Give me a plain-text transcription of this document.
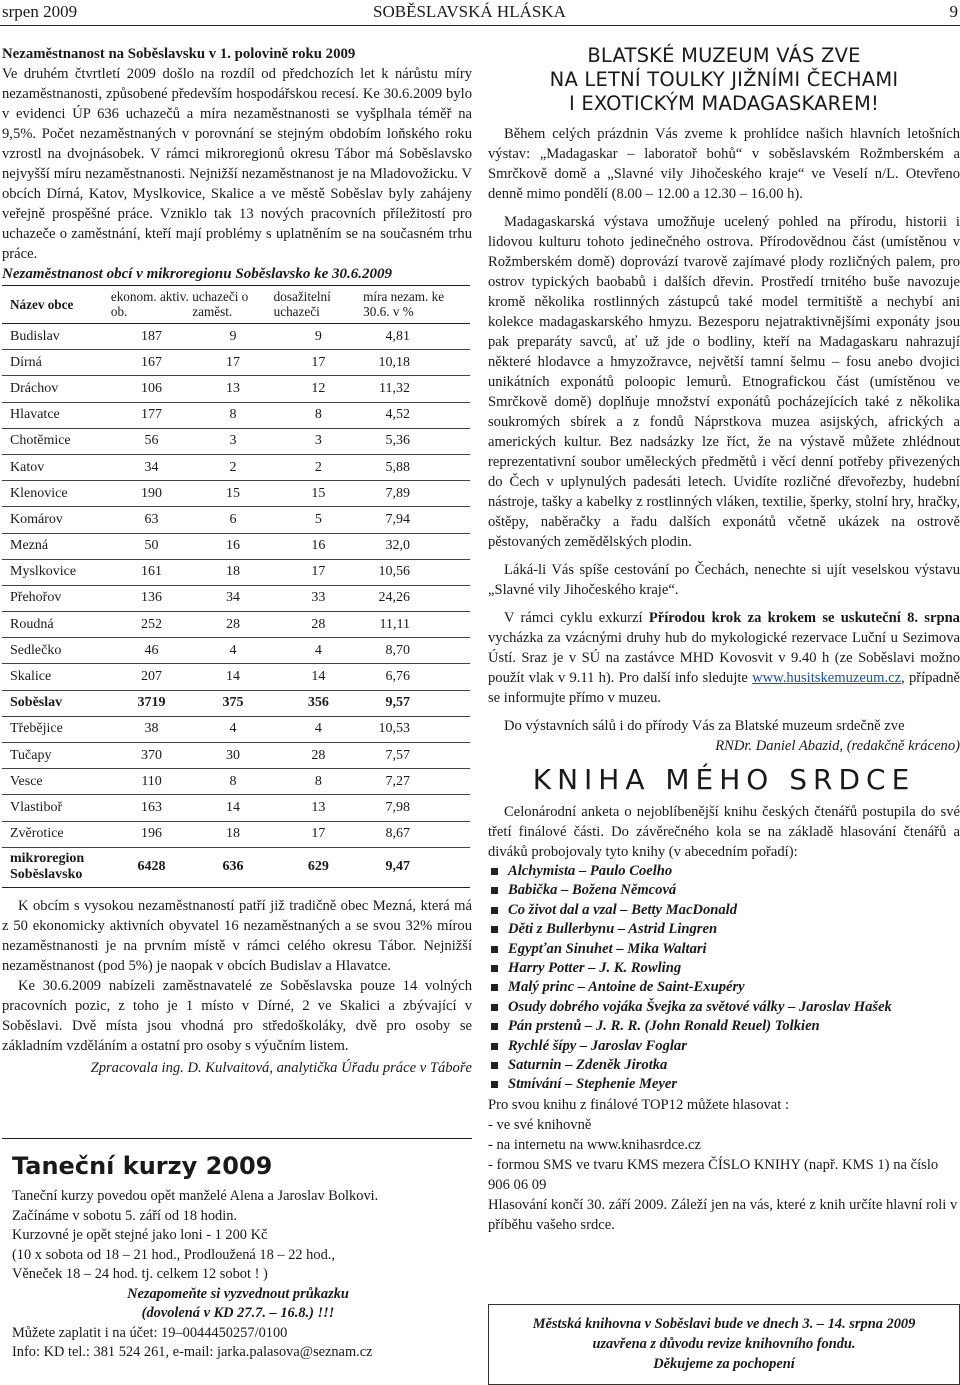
srpen 2009	SOBĚSLAVSKÁ HLÁSKA	9
Nezaměstnanost na Soběslavsku v 1. polovině roku 2009

Ve druhém čtvrtletí 2009 došlo na rozdíl od předchozích let k nárůstu míry nezaměstnanosti, způsobené především hospodářskou recesí. Ke 30.6.2009 bylo v evidenci ÚP 636 uchazečů a míra nezaměstnanosti se vyšplhala téměř na 9,5%. Počet nezaměstnaných v porovnání se stejným obdobím loňského roku vzrostl na dvojnásobek. V rámci mikroregionů okresu Tábor má Soběslavsko nejvyšší míru nezaměstnanosti. Nejnižší nezaměstnanost je na Mladovožicku. V obcích Dírná, Katov, Myslkovice, Skalice a ve městě Soběslav byly zahájeny veřejně prospěšné práce. Vzniklo tak 13 nových pracovních příležitostí pro uchazeče o zaměstnání, kteří mají problémy s uplatněním se na současném trhu práce.

Nezaměstnanost obcí v mikroregionu Soběslavsko ke 30.6.2009
Název obce	ekonom. aktiv. ob.	uchazeči o zaměst.	dosažitelní uchazeči	míra nezam. ke 30.6. v %
Budislav	187	9	9	4,81
Dírná	167	17	17	10,18
Dráchov	106	13	12	11,32
Hlavatce	177	8	8	4,52
Chotěmice	56	3	3	5,36
Katov	34	2	2	5,88
Klenovice	190	15	15	7,89
Komárov	63	6	5	7,94
Mezná	50	16	16	32,0
Myslkovice	161	18	17	10,56
Přehořov	136	34	33	24,26
Roudná	252	28	28	11,11
Sedlečko	46	4	4	8,70
Skalice	207	14	14	6,76
Soběslav	3719	375	356	9,57
Třebějice	38	4	4	10,53
Tučapy	370	30	28	7,57
Vesce	110	8	8	7,27
Vlastiboř	163	14	13	7,98
Zvěrotice	196	18	17	8,67

mikroregion
Soběslavsko	6428	636	629	9,47

K obcím s vysokou nezaměstnaností patří již tradičně obec Mezná, která má z 50 ekonomicky aktivních obyvatel 16 nezaměstnaných a se svou 32% mírou nezaměstnanosti je na prvním místě v rámci celého okresu Tábor. Nejnižší nezaměstnanost (pod 5%) je naopak v obcích Budislav a Hlavatce.

Ke 30.6.2009 nabízeli zaměstnavatelé ze Soběslavska pouze 14 volných pracovních pozic, z toho je 1 místo v Dírné, 2 ve Skalici a zbývající v Soběslavi. Dvě místa jsou vhodná pro středoškoláky, dvě pro osoby se základním vzděláním a ostatní pro osoby s výučním listem.

Zpracovala ing. D. Kulvaitová, analytička Úřadu práce v Táboře

Taneční kurzy 2009
Taneční kurzy povedou opět manželé Alena a Jaroslav Bolkovi.
Začínáme v sobotu 5. září od 18 hodin.
Kurzovné je opět stejné jako loni - 1 200 Kč
(10 x sobota od 18 – 21 hod., Prodloužená 18 – 22 hod.,
Věneček 18 – 24 hod. tj. celkem 12 sobot ! )
Nezapomeňte si vyzvednout průkazku
(dovolená v KD 27.7. – 16.8.) !!!
Můžete zaplatit i na účet: 19–0044450257/0100
Info: KD tel.: 381 524 261, e-mail: jarka.palasova@seznam.cz
BLATSKÉ MUZEUM VÁS ZVE
NA LETNÍ TOULKY JIŽNÍMI ČECHAMI
I EXOTICKÝM MADAGASKAREM!

Během celých prázdnin Vás zveme k prohlídce našich hlavních letošních výstav: „Madagaskar – laboratoř bohů“ v soběslavském Rožmberském a Smrčkově domě a „Slavné vily Jihočeského kraje“ ve Veselí n/L. Otevřeno denně mimo pondělí (8.00 – 12.00 a 12.30 – 16.00 h).

Madagaskarská výstava umožňuje ucelený pohled na přírodu, historii i lidovou kulturu tohoto jedinečného ostrova. Přírodovědnou část (umístěnou v Rožmberském domě) doprovází tvarově zajímavé plody rozličných palem, pro ostrov typických baobabů i dalších dřevin. Prostředí trnitého buše navozuje kromě několika rostlinných zástupců také model termitiště a nechybí ani kolekce madagaskarského hmyzu. Bezesporu nejatraktivnějšími exponáty jsou pak preparáty savců, ať už jde o bodliny, kteří na Madagaskaru nahrazují některé hlodavce a hmyzožravce, největší tamní šelmu – fosu anebo dvojici unikátních exponátů poloopic lemurů. Etnografickou část (umístěnou ve Smrčkově domě) doplňuje množství exponátů pocházejících také z několika soukromých sbírek a z fondů Náprstkova muzea asijských, afrických a amerických kultur. Bez nadsázky lze říct, že na výstavě můžete zhlédnout reprezentativní soubor uměleckých předmětů i věcí denní potřeby přivezených do Čech v uplynulých padesáti letech. Uvidíte rozličné dřevořezby, hudební nástroje, tašky a kabelky z rostlinných vláken, textilie, šperky, stolní hry, hračky, oštěpy, naběračky a řadu dalších exponátů včetně ukázek na ostrově pěstovaných zemědělských plodin.

Láká-li Vás spíše cestování po Čechách, nenechte si ujít veselskou výstavu „Slavné vily Jihočeského kraje“.

V rámci cyklu exkurzí Přírodou krok za krokem se uskuteční 8. srpna vycházka za vzácnými druhy hub do mykologické rezervace Luční u Sezimova Ústí. Sraz je v SÚ na zastávce MHD Kovosvit v 9.40 h (ze Soběslavi možno použít vlak v 9.11 h). Pro další info sledujte www.husitskemuzeum.cz, případně se informujte přímo v muzeu.

Do výstavních sálů i do přírody Vás za Blatské muzeum srdečně zve

RNDr. Daniel Abazid, (redakčně kráceno)

KNIHA MÉHO SRDCE

Celonárodní anketa o nejoblíbenější knihu českých čtenářů postupila do své třetí finálové části. Do závěrečného kola se na základě hlasování čtenářů a diváků probojovaly tyto knihy (v abecedním pořadí):

Alchymista – Paulo Coelho
Babička – Božena Němcová
Co život dal a vzal – Betty MacDonald
Děti z Bullerbynu – Astrid Lingren
Egypťan Sinuhet – Mika Waltari
Harry Potter – J. K. Rowling
Malý princ – Antoine de Saint-Exupéry
Osudy dobrého vojáka Švejka za světové války – Jaroslav Hašek
Pán prstenů – J. R. R. (John Ronald Reuel) Tolkien
Rychlé šípy – Jaroslav Foglar
Saturnin – Zdeněk Jirotka
Stmívání – Stephenie Meyer
Pro svou knihu z finálové TOP12 můžete hlasovat :
- ve své knihovně
- na internetu na www.knihasrdce.cz
- formou SMS ve tvaru KMS mezera ČÍSLO KNIHY (např. KMS 1) na číslo 906 06 09

Hlasování končí 30. září 2009. Záleží jen na vás, které z knih určíte hlavní roli v příběhu vašeho srdce.

Městská knihovna v Soběslavi bude ve dnech 3. – 14. srpna 2009
uzavřena z důvodu revize knihovního fondu.
Děkujeme za pochopení
